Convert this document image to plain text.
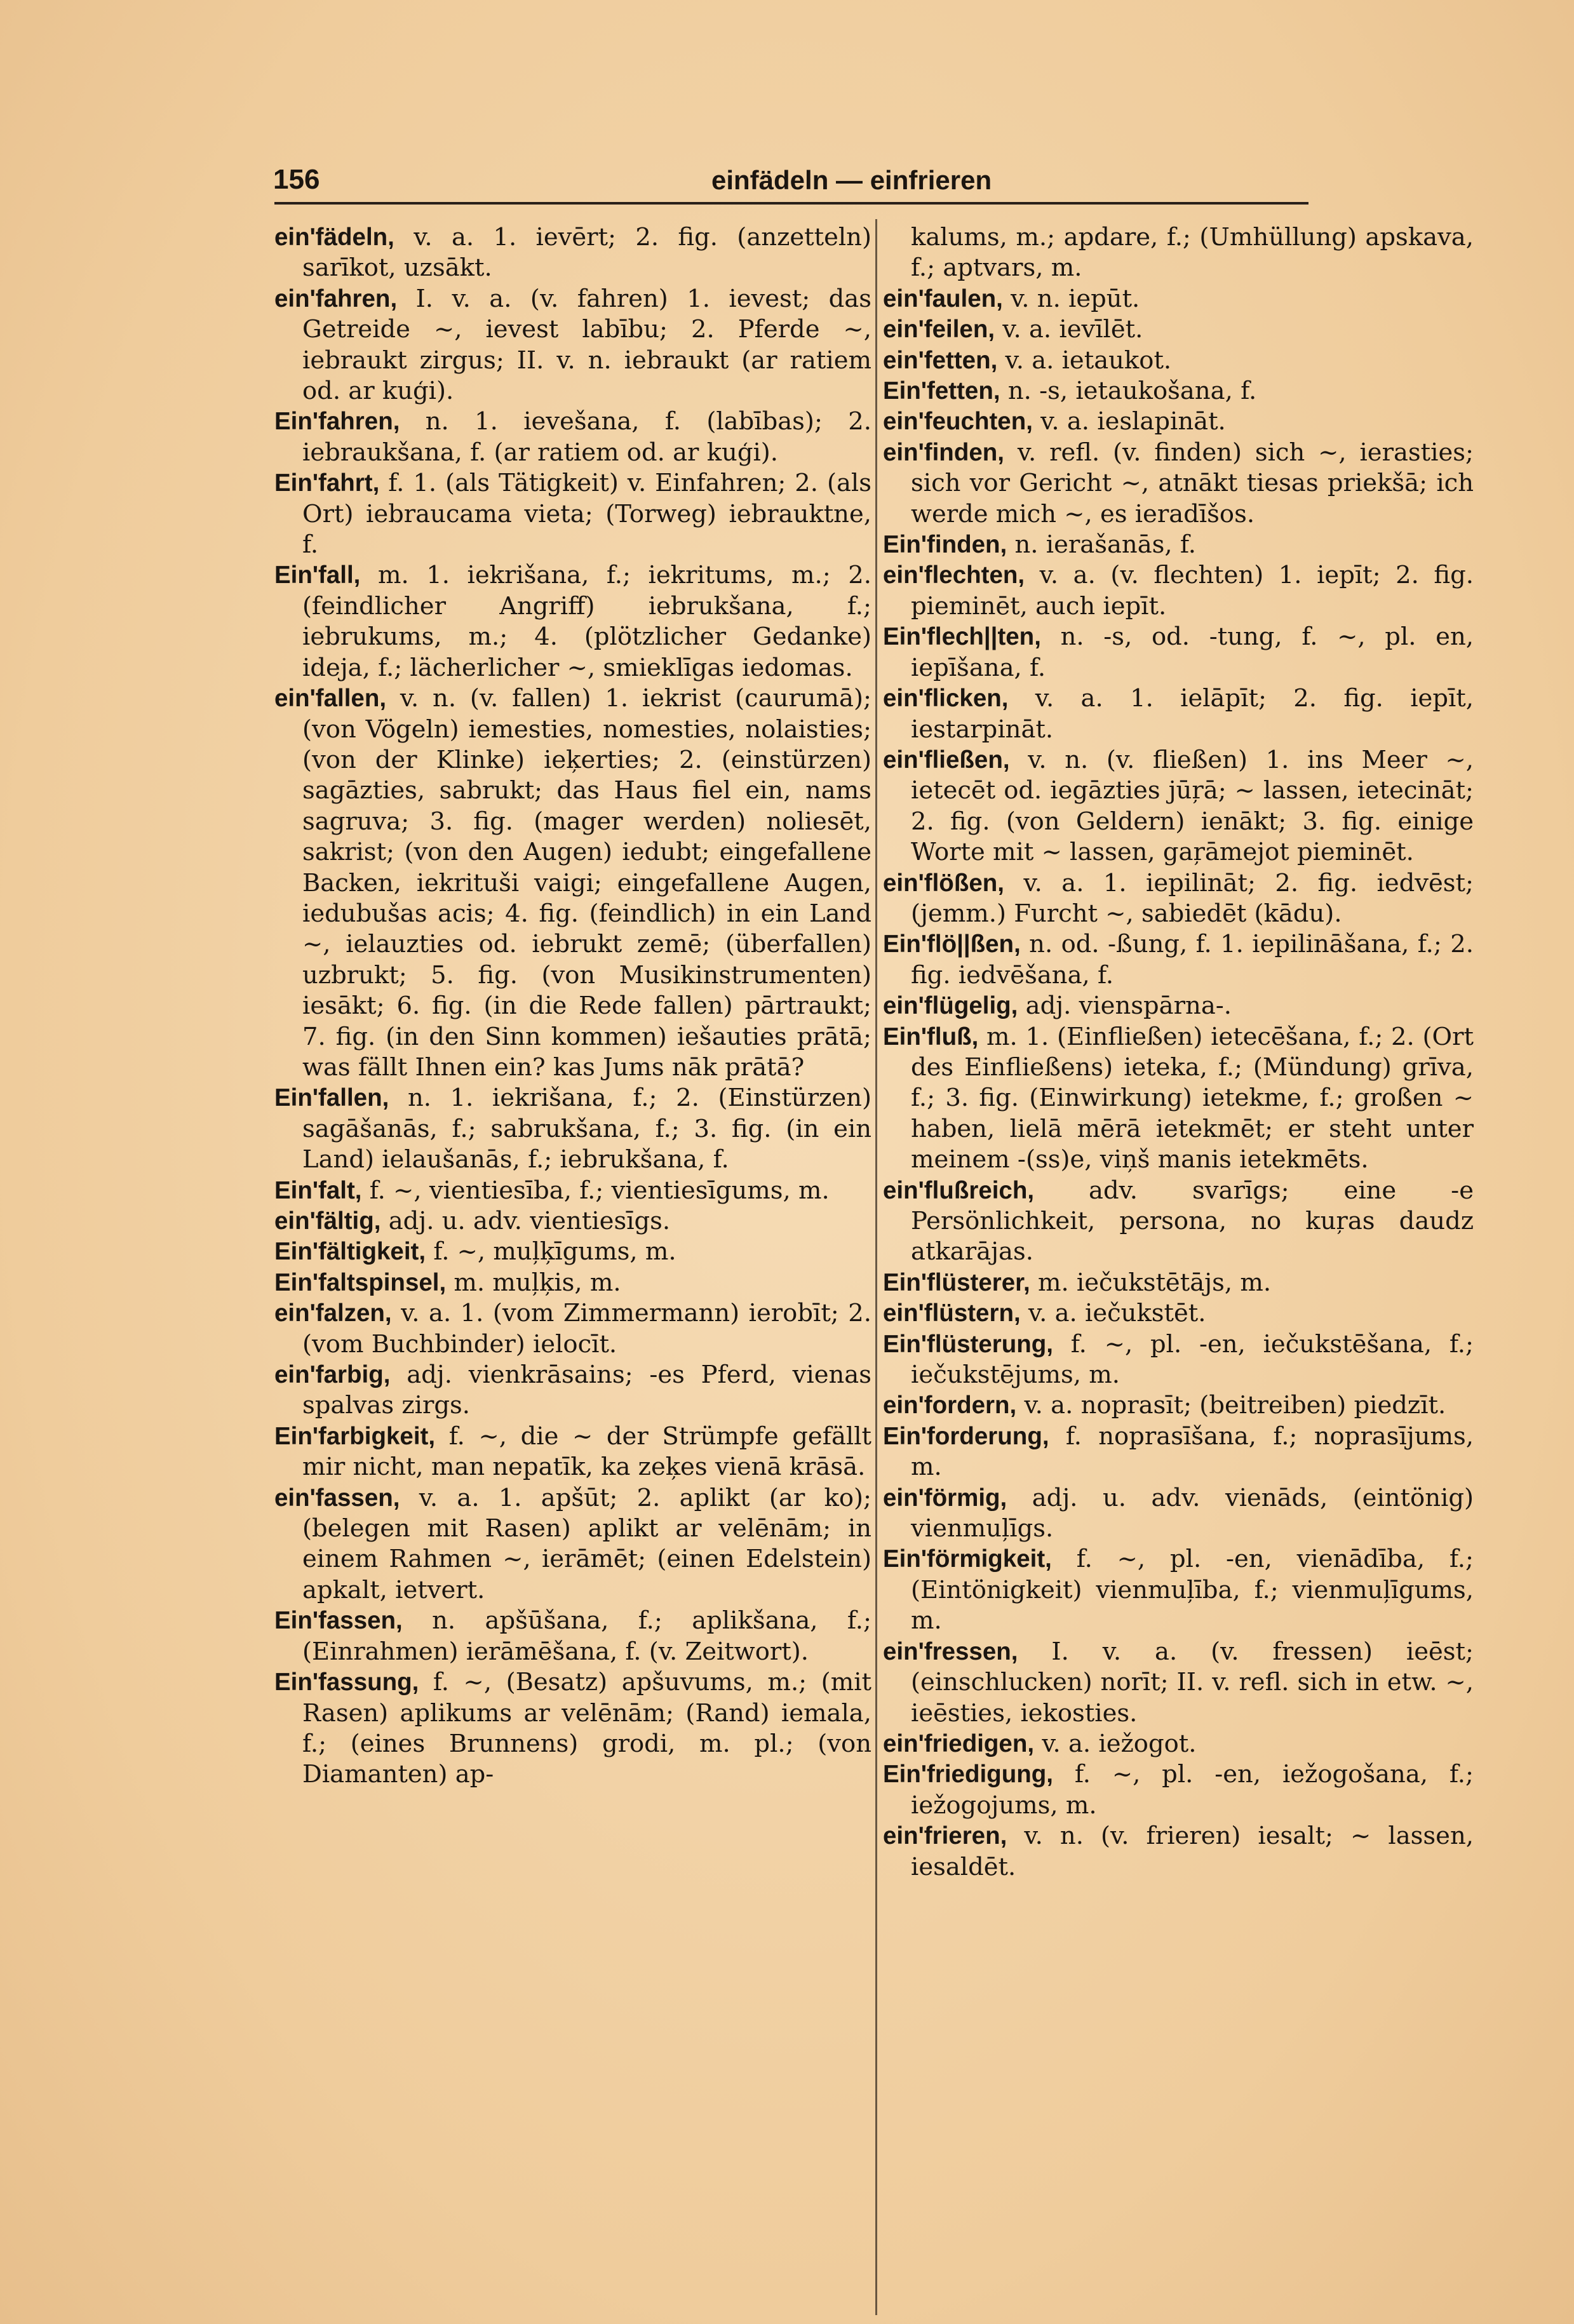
156	einfädeln — einfrieren

ein'fädeln, v. a. 1. ievērt; 2. fig. (anzetteln) sarīkot, uzsākt.

ein'fahren, I. v. a. (v. fahren) 1. ievest; das Getreide ~, ievest labību; 2. Pferde ~, iebraukt zirgus; II. v. n. iebraukt (ar ratiem od. ar kuģi).

Ein'fahren, n. 1. ievešana, f. (labības); 2. iebraukšana, f. (ar ratiem od. ar kuģi).

Ein'fahrt, f. 1. (als Tätigkeit) v. Einfahren; 2. (als Ort) iebraucama vieta; (Torweg) iebrauktne, f.

Ein'fall, m. 1. iekrišana, f.; iekritums, m.; 2. (feindlicher Angriff) iebrukšana, f.; iebrukums, m.; 4. (plötzlicher Gedanke) ideja, f.; lächerlicher ~, smieklīgas iedomas.

ein'fallen, v. n. (v. fallen) 1. iekrist (caurumā); (von Vögeln) iemesties, nomesties, nolaisties; (von der Klinke) ieķerties; 2. (einstürzen) sagāzties, sabrukt; das Haus fiel ein, nams sagruva; 3. fig. (mager werden) noliesēt, sakrist; (von den Augen) iedubt; eingefallene Backen, iekrituši vaigi; eingefallene Augen, iedubušas acis; 4. fig. (feindlich) in ein Land ~, ielauzties od. iebrukt zemē; (überfallen) uzbrukt; 5. fig. (von Musikinstrumenten) iesākt; 6. fig. (in die Rede fallen) pārtraukt; 7. fig. (in den Sinn kommen) iešauties prātā; was fällt Ihnen ein? kas Jums nāk prātā?

Ein'fallen, n. 1. iekrišana, f.; 2. (Einstürzen) sagāšanās, f.; sabrukšana, f.; 3. fig. (in ein Land) ielaušanās, f.; iebrukšana, f.

Ein'falt, f. ~, vientiesība, f.; vientiesīgums, m.

ein'fältig, adj. u. adv. vientiesīgs.

Ein'fältigkeit, f. ~, muļķīgums, m.

Ein'faltspinsel, m. muļķis, m.

ein'falzen, v. a. 1. (vom Zimmermann) ierobīt; 2. (vom Buchbinder) ielocīt.

ein'farbig, adj. vienkrāsains; -es Pferd, vienas spalvas zirgs.

Ein'farbigkeit, f. ~, die ~ der Strümpfe gefällt mir nicht, man nepatīk, ka zeķes vienā krāsā.

ein'fassen, v. a. 1. apšūt; 2. aplikt (ar ko); (belegen mit Rasen) aplikt ar velēnām; in einem Rahmen ~, ierāmēt; (einen Edelstein) apkalt, ietvert.

Ein'fassen, n. apšūšana, f.; aplikšana, f.; (Einrahmen) ierāmēšana, f. (v. Zeitwort).

Ein'fassung, f. ~, (Besatz) apšuvums, m.; (mit Rasen) aplikums ar velēnām; (Rand) iemala, f.; (eines Brunnens) grodi, m. pl.; (von Diamanten) ap-

kalums, m.; apdare, f.; (Umhüllung) apskava, f.; aptvars, m.

ein'faulen, v. n. iepūt.

ein'feilen, v. a. ievīlēt.

ein'fetten, v. a. ietaukot.

Ein'fetten, n. -s, ietaukošana, f.

ein'feuchten, v. a. ieslapināt.

ein'finden, v. refl. (v. finden) sich ~, ierasties; sich vor Gericht ~, atnākt tiesas priekšā; ich werde mich ~, es ieradīšos.

Ein'finden, n. ierašanās, f.

ein'flechten, v. a. (v. flechten) 1. iepīt; 2. fig. pieminēt, auch iepīt.

Ein'flech||ten, n. -s, od. -tung, f. ~, pl. en, iepīšana, f.

ein'flicken, v. a. 1. ielāpīt; 2. fig. iepīt, iestarpināt.

ein'fließen, v. n. (v. fließen) 1. ins Meer ~, ietecēt od. iegāzties jūŗā; ~ lassen, ietecināt; 2. fig. (von Geldern) ienākt; 3. fig. einige Worte mit ~ lassen, gaŗāmejot pieminēt.

ein'flößen, v. a. 1. iepilināt; 2. fig. iedvēst; (jemm.) Furcht ~, sabiedēt (kādu).

Ein'flö||ßen, n. od. -ßung, f. 1. iepilināšana, f.; 2. fig. iedvēšana, f.

ein'flügelig, adj. vienspārna-.

Ein'fluß, m. 1. (Einfließen) ietecēšana, f.; 2. (Ort des Einfließens) ieteka, f.; (Mündung) grīva, f.; 3. fig. (Einwirkung) ietekme, f.; großen ~ haben, lielā mērā ietekmēt; er steht unter meinem -(ss)e, viņš manis ietekmēts.

ein'flußreich, adv. svarīgs; eine -e Persönlichkeit, persona, no kuŗas daudz atkarājas.

Ein'flüsterer, m. iečukstētājs, m.

ein'flüstern, v. a. iečukstēt.

Ein'flüsterung, f. ~, pl. -en, iečukstēšana, f.; iečukstējums, m.

ein'fordern, v. a. noprasīt; (beitreiben) piedzīt.

Ein'forderung, f. noprasīšana, f.; noprasījums, m.

ein'förmig, adj. u. adv. vienāds, (eintönig) vienmuļīgs.

Ein'förmigkeit, f. ~, pl. -en, vienādība, f.; (Eintönigkeit) vienmuļība, f.; vienmuļīgums, m.

ein'fressen, I. v. a. (v. fressen) ieēst; (einschlucken) norīt; II. v. refl. sich in etw. ~, ieēsties, iekosties.

ein'friedigen, v. a. iežogot.

Ein'friedigung, f. ~, pl. -en, iežogošana, f.; iežogojums, m.

ein'frieren, v. n. (v. frieren) iesalt; ~ lassen, iesaldēt.
